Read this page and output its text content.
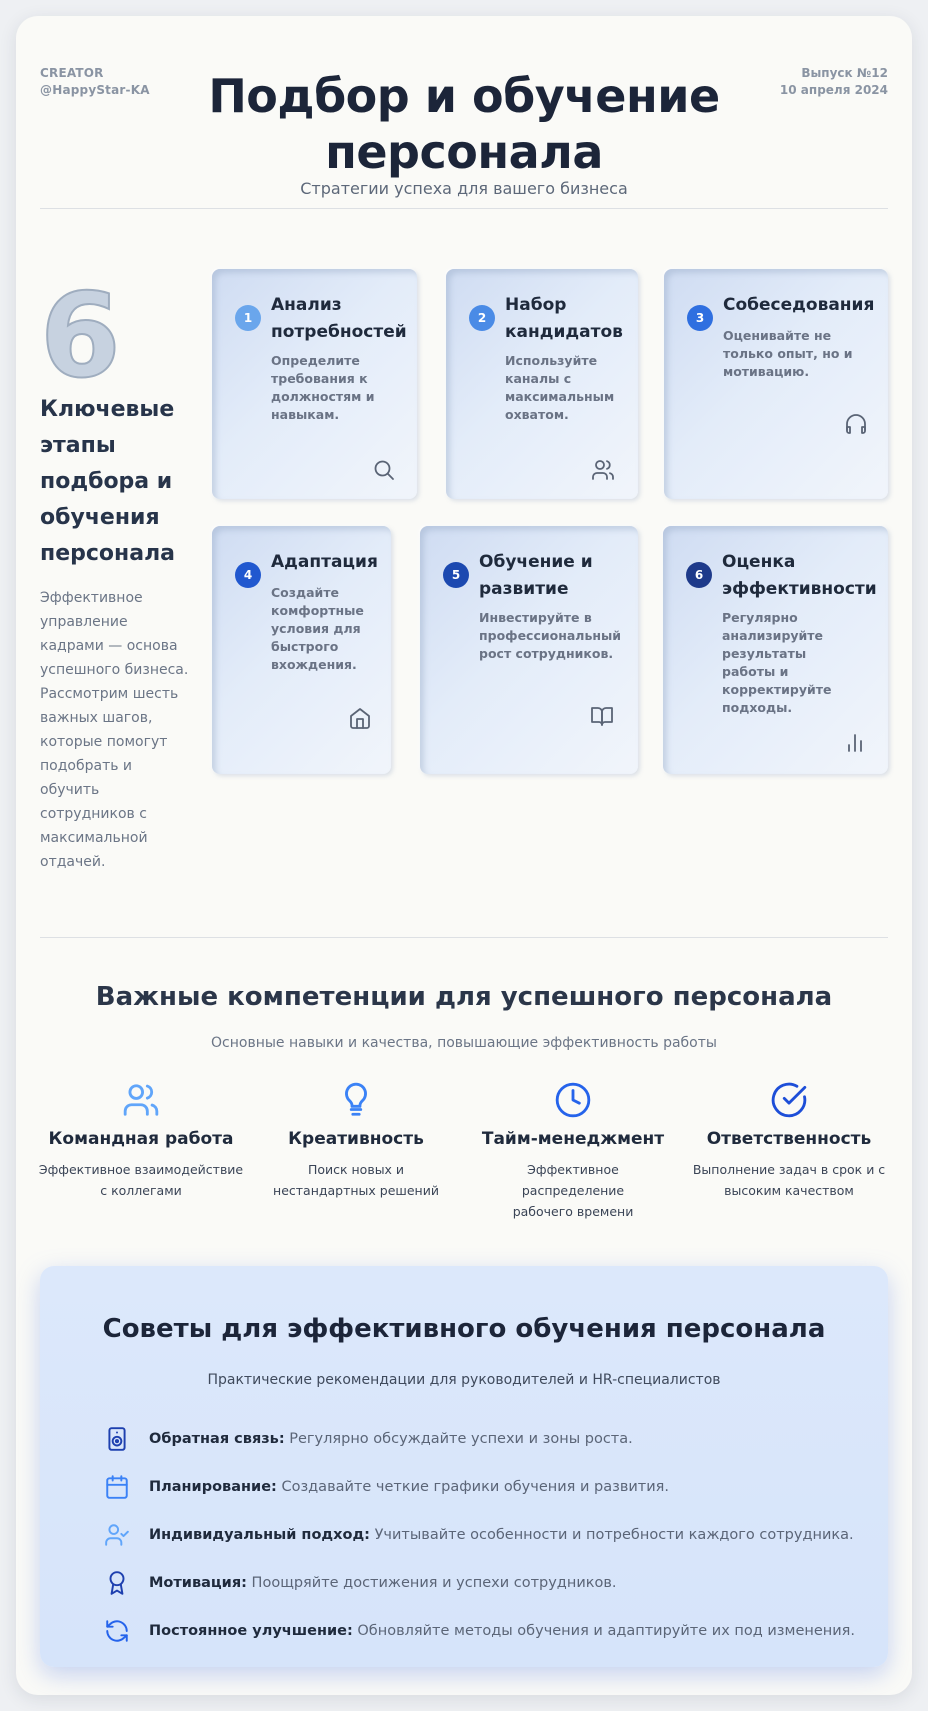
CREATOR
@HappyStar-KA
Выпуск №12
10 апреля 2024
Подбор и обучение персонала
Стратегии успеха для вашего бизнеса
6
Ключевые этапы подбора и обучения персонала

Эффективное управление кадрами — основа успешного бизнеса. Рассмотрим шесть важных шагов, которые помогут подобрать и обучить сотрудников с максимальной отдачей.

1
Анализ потребностей
Определите требования к должностям и навыкам.
2
Набор кандидатов
Используйте каналы с максимальным охватом.
3
Собеседования
Оценивайте не только опыт, но и мотивацию.
4
Адаптация
Создайте комфортные условия для быстрого вхождения.
5
Обучение и развитие
Инвестируйте в профессиональный рост сотрудников.
6
Оценка эффективности
Регулярно анализируйте результаты работы и корректируйте подходы.
Важные компетенции для успешного персонала
Основные навыки и качества, повышающие эффективность работы
Командная работа
Эффективное взаимодействие с коллегами
Креативность
Поиск новых и нестандартных решений
Тайм-менеджмент
Эффективное распределение рабочего времени
Ответственность
Выполнение задач в срок и с высоким качеством
Советы для эффективного обучения персонала
Практические рекомендации для руководителей и HR-специалистов
Обратная связь: Регулярно обсуждайте успехи и зоны роста.
Планирование: Создавайте четкие графики обучения и развития.
Индивидуальный подход: Учитывайте особенности и потребности каждого сотрудника.
Мотивация: Поощряйте достижения и успехи сотрудников.
Постоянное улучшение: Обновляйте методы обучения и адаптируйте их под изменения.
